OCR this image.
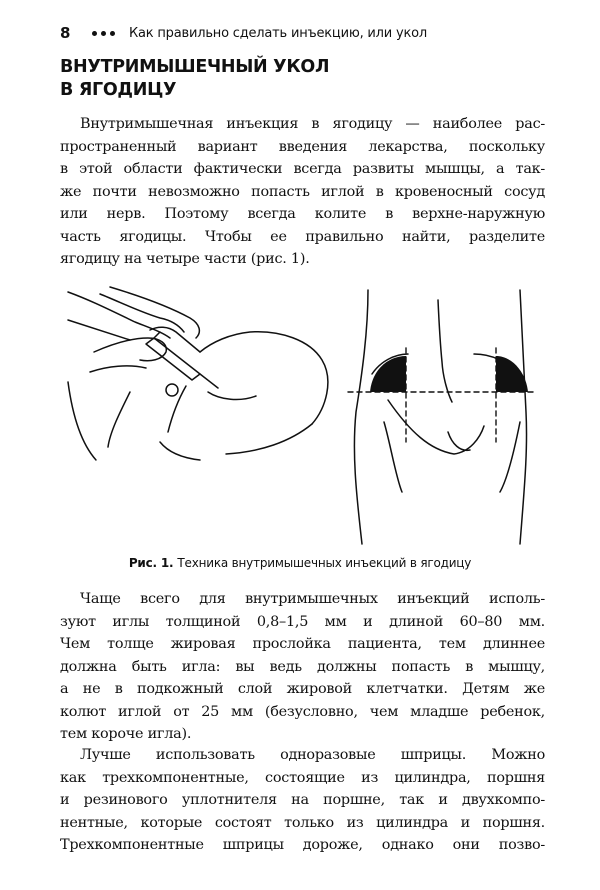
8	Как правильно сделать инъекцию, или укол
ВНУТРИМЫШЕЧНЫЙ УКОЛ
В ЯГОДИЦУ
Внутримышечная инъекция в ягодицу — наиболее рас-
пространенный вариант введения лекарства, поскольку
в этой области фактически всегда развиты мышцы, а так-
же почти невозможно попасть иглой в кровеносный сосуд
или нерв. Поэтому всегда колите в верхне-наружную
часть ягодицы. Чтобы ее правильно найти, разделите
ягодицу на четыре части (рис. 1).
Рис. 1. Техника внутримышечных инъекций в ягодицу
Чаще всего для внутримышечных инъекций исполь-
зуют иглы толщиной 0,8–1,5 мм и длиной 60–80 мм.
Чем толще жировая прослойка пациента, тем длиннее
должна быть игла: вы ведь должны попасть в мышцу,
а не в подкожный слой жировой клетчатки. Детям же
колют иглой от 25 мм (безусловно, чем младше ребенок,
тем короче игла).
Лучше использовать одноразовые шприцы. Можно
как трехкомпонентные, состоящие из цилиндра, поршня
и резинового уплотнителя на поршне, так и двухкомпо-
нентные, которые состоят только из цилиндра и поршня.
Трехкомпонентные шприцы дороже, однако они позво-
